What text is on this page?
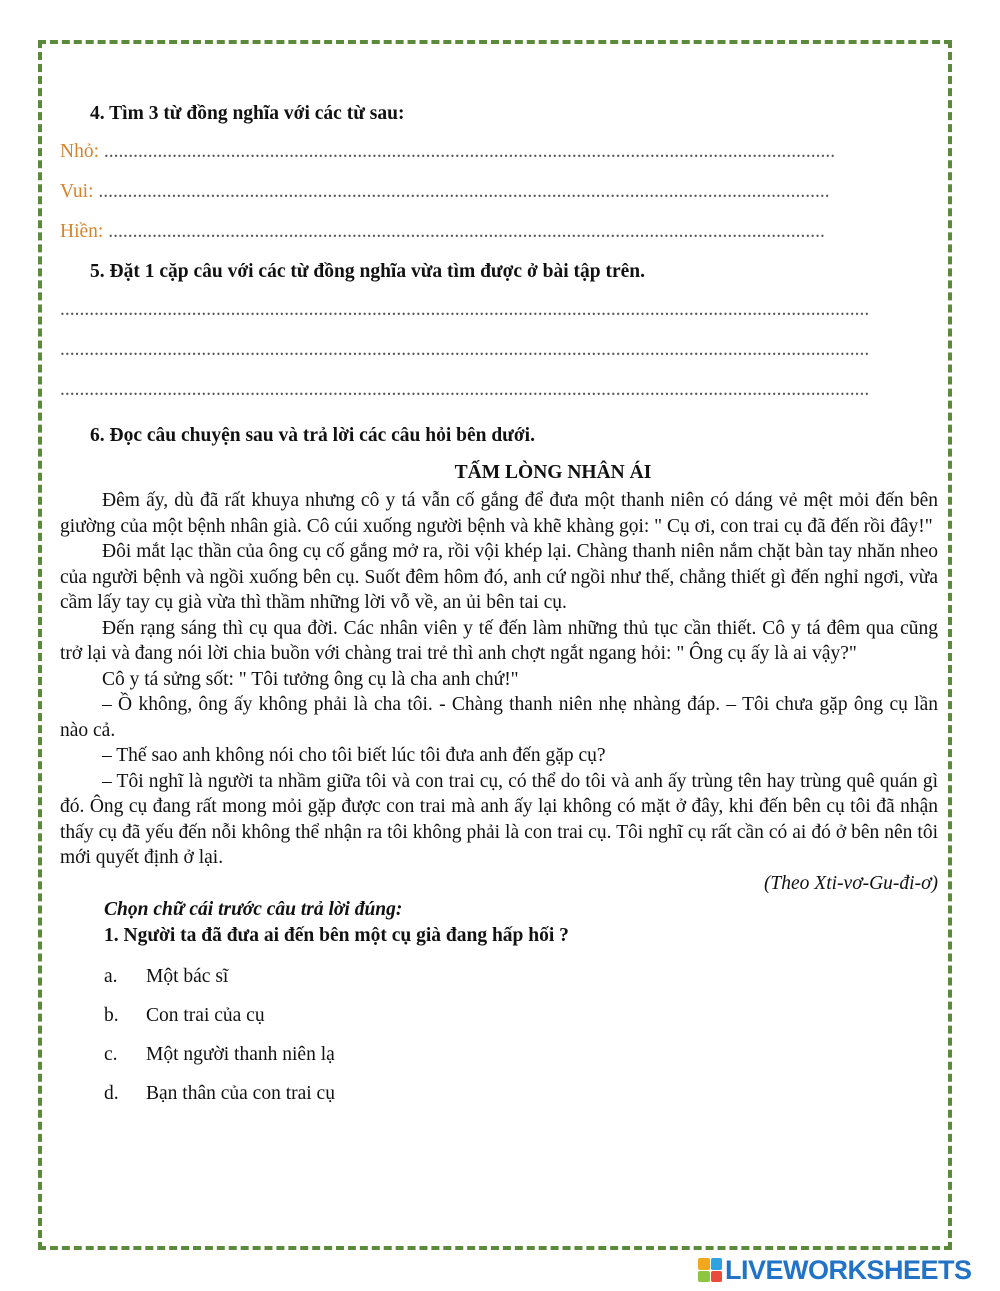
4. Tìm 3 từ đồng nghĩa với các từ sau:

Nhỏ: ......................................................................................................................................................
Vui: ......................................................................................................................................................
Hiền: ...................................................................................................................................................

5. Đặt 1 cặp câu với các từ đồng nghĩa vừa tìm được ở bài tập trên.

......................................................................................................................................................................
......................................................................................................................................................................
......................................................................................................................................................................

6. Đọc câu chuyện sau và trả lời các câu hỏi bên dưới.

TẤM LÒNG NHÂN ÁI

Đêm ấy, dù đã rất khuya nhưng cô y tá vẫn cố gắng để đưa một thanh niên có dáng vẻ mệt mỏi đến bên giường của một bệnh nhân già. Cô cúi xuống người bệnh và khẽ khàng gọi: " Cụ ơi, con trai cụ đã đến rồi đây!"

Đôi mắt lạc thần của ông cụ cố gắng mở ra, rồi vội khép lại. Chàng thanh niên nắm chặt bàn tay nhăn nheo của người bệnh và ngồi xuống bên cụ. Suốt đêm hôm đó, anh cứ ngồi như thế, chẳng thiết gì đến nghỉ ngơi, vừa cầm lấy tay cụ già vừa thì thầm những lời vỗ về, an ủi bên tai cụ.

Đến rạng sáng thì cụ qua đời. Các nhân viên y tế đến làm những thủ tục cần thiết. Cô y tá đêm qua cũng trở lại và đang nói lời chia buồn với chàng trai trẻ thì anh chợt ngắt ngang hỏi: " Ông cụ ấy là ai vậy?"

Cô y tá sửng sốt: " Tôi tưởng ông cụ là cha anh chứ!"

– Ồ không, ông ấy không phải là cha tôi. - Chàng thanh niên nhẹ nhàng đáp. – Tôi chưa gặp ông cụ lần nào cả.

– Thế sao anh không nói cho tôi biết lúc tôi đưa anh đến gặp cụ?

– Tôi nghĩ là người ta nhầm giữa tôi và con trai cụ, có thể do tôi và anh ấy trùng tên hay trùng quê quán gì đó. Ông cụ đang rất mong mỏi gặp được con trai mà anh ấy lại không có mặt ở đây, khi đến bên cụ tôi đã nhận thấy cụ đã yếu đến nỗi không thể nhận ra tôi không phải là con trai cụ. Tôi nghĩ cụ rất cần có ai đó ở bên nên tôi mới quyết định ở lại.

(Theo Xti-vơ-Gu-đi-ơ)

Chọn chữ cái trước câu trả lời đúng:

1. Người ta đã đưa ai đến bên một cụ già đang hấp hối ?

a.	Một bác sĩ
b.	Con trai của cụ
c.	Một người thanh niên lạ
d.	Bạn thân của con trai cụ
LIVEWORKSHEETS
